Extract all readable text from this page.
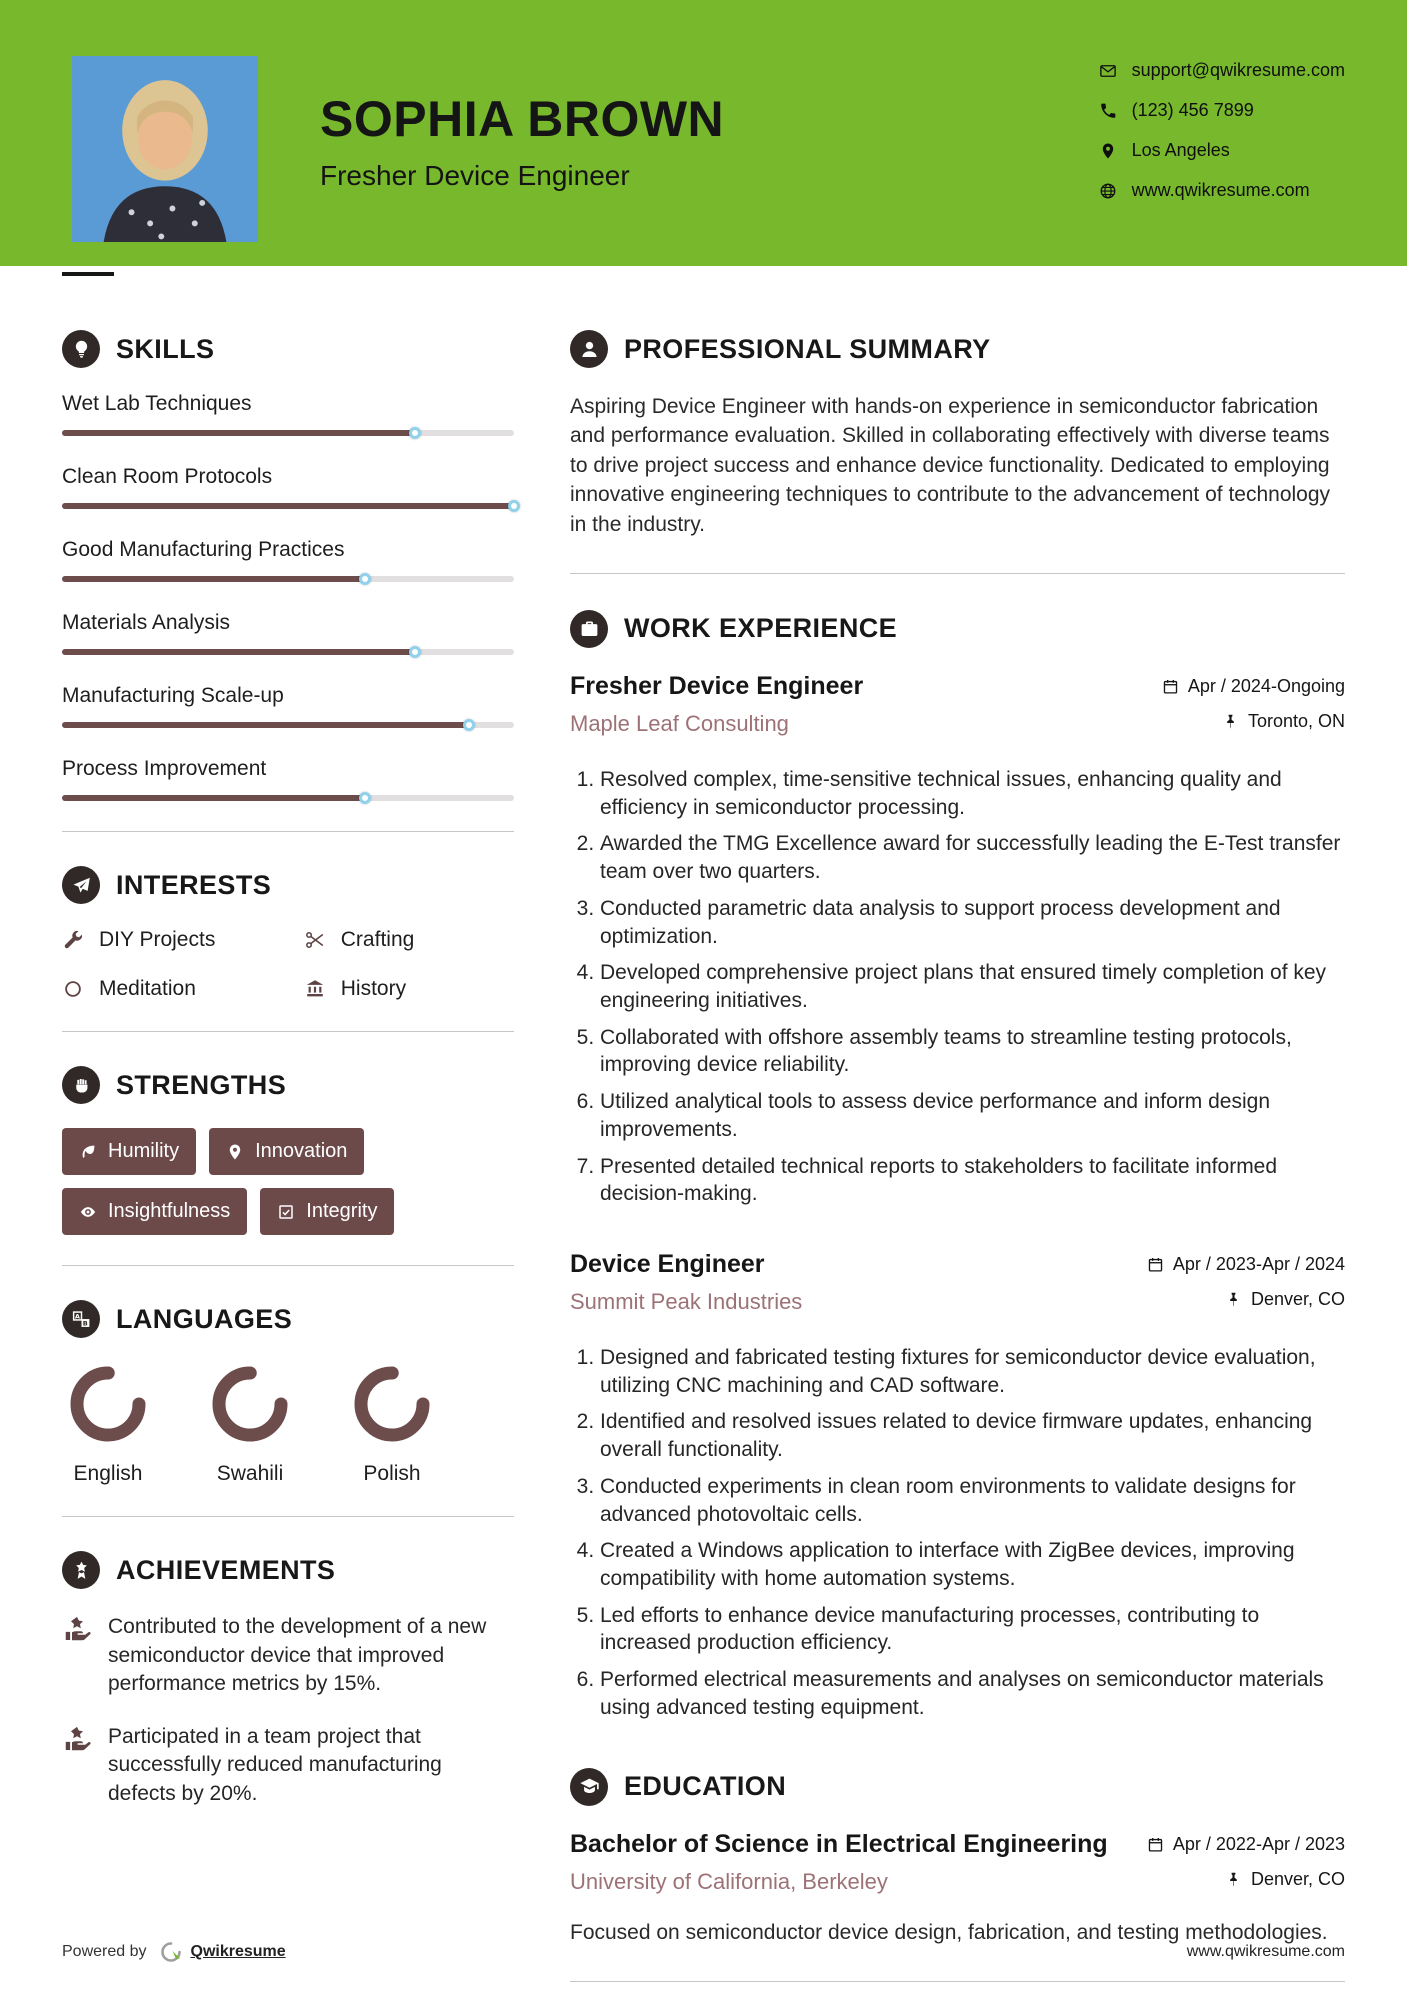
SOPHIA BROWN
Fresher Device Engineer
support@qwikresume.com
(123) 456 7899
Los Angeles
www.qwikresume.com
SKILLS
Wet Lab Techniques
Clean Room Protocols
Good Manufacturing Practices
Materials Analysis
Manufacturing Scale-up
Process Improvement
INTERESTS
DIY Projects	Crafting
Meditation	History
STRENGTHS
Humility	Innovation
Insightfulness	Integrity
A
B LANGUAGES
English	Swahili	Polish
ACHIEVEMENTS
Contributed to the development of a new semiconductor device that improved performance metrics by 15%.
Participated in a team project that successfully reduced manufacturing defects by 20%.
PROFESSIONAL SUMMARY

Aspiring Device Engineer with hands-on experience in semiconductor fabrication and performance evaluation. Skilled in collaborating effectively with diverse teams to drive project success and enhance device functionality. Dedicated to employing innovative engineering techniques to contribute to the advancement of technology in the industry.

WORK EXPERIENCE
Fresher Device Engineer
Maple Leaf Consulting
Apr / 2024-Ongoing
Toronto, ON
1. Resolved complex, time-sensitive technical issues, enhancing quality and efficiency in semiconductor processing.
2. Awarded the TMG Excellence award for successfully leading the E-Test transfer team over two quarters.
3. Conducted parametric data analysis to support process development and optimization.
4. Developed comprehensive project plans that ensured timely completion of key engineering initiatives.
5. Collaborated with offshore assembly teams to streamline testing protocols, improving device reliability.
6. Utilized analytical tools to assess device performance and inform design improvements.
7. Presented detailed technical reports to stakeholders to facilitate informed decision-making.
Device Engineer
Summit Peak Industries
Apr / 2023-Apr / 2024
Denver, CO
1. Designed and fabricated testing fixtures for semiconductor device evaluation, utilizing CNC machining and CAD software.
2. Identified and resolved issues related to device firmware updates, enhancing overall functionality.
3. Conducted experiments in clean room environments to validate designs for advanced photovoltaic cells.
4. Created a Windows application to interface with ZigBee devices, improving compatibility with home automation systems.
5. Led efforts to enhance device manufacturing processes, contributing to increased production efficiency.
6. Performed electrical measurements and analyses on semiconductor materials using advanced testing equipment.
EDUCATION
Bachelor of Science in Electrical Engineering
University of California, Berkeley
Apr / 2022-Apr / 2023
Denver, CO

Focused on semiconductor device design, fabrication, and testing methodologies.

Powered by	Qwikresume	www.qwikresume.com
